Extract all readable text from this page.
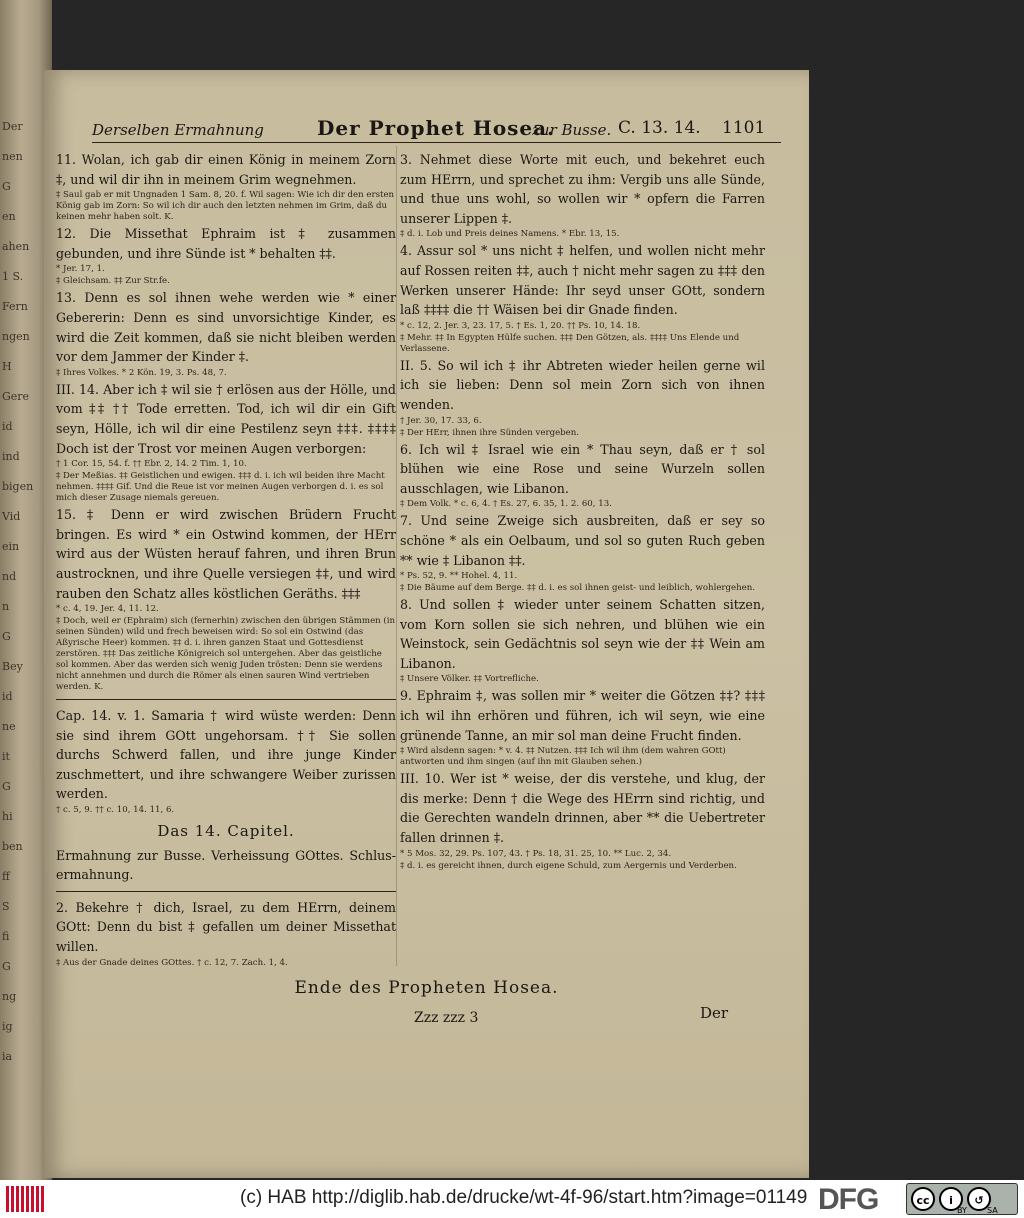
Der
nen
G
en
ahen
1 S.
Fern
ngen
H
Gere
id
ind
bigen
Vid
ein
nd
n
G
Bey
id
ne
it
G
hi
ben
ff
S
fi
G
ng
ig
ia
Derselben Ermahnung	Der Prophet Hosea.
zur Busse. C. 13. 14. 1101
11. Wolan, ich gab dir einen König in meinem Zorn ‡, und wil dir ihn in meinem Grim wegnehmen.
‡ Saul gab er mit Ungnaden 1 Sam. 8, 20. f. Wil sagen: Wie ich dir den ersten König gab im Zorn: So wil ich dir auch den letzten nehmen im Grim, daß du keinen mehr haben solt. K.
12. Die Missethat Ephraim ist ‡ zusammen gebunden, und ihre Sünde ist * behalten ‡‡.
* Jer. 17, 1.
‡ Gleichsam. ‡‡ Zur Str.fe.
13. Denn es sol ihnen wehe werden wie * einer Gebererin: Denn es sind unvorsichtige Kinder, es wird die Zeit kommen, daß sie nicht bleiben werden vor dem Jammer der Kinder ‡.
‡ Ihres Volkes. * 2 Kön. 19, 3. Ps. 48, 7.
III. 14. Aber ich ‡ wil sie † erlösen aus der Hölle, und vom ‡‡ †† Tode erretten. Tod, ich wil dir ein Gift seyn, Hölle, ich wil dir eine Pestilenz seyn ‡‡‡. ‡‡‡‡ Doch ist der Trost vor meinen Augen verborgen:
† 1 Cor. 15, 54. f. †† Ebr. 2, 14. 2 Tim. 1, 10.
‡ Der Meßias. ‡‡ Geistlichen und ewigen. ‡‡‡ d. i. ich wil beiden ihre Macht nehmen. ‡‡‡‡ Gif. Und die Reue ist vor meinen Augen verborgen d. i. es sol mich dieser Zusage niemals gereuen.
15. ‡ Denn er wird zwischen Brüdern Frucht bringen. Es wird * ein Ostwind kommen, der HErr wird aus der Wüsten herauf fahren, und ihren Brun austrocknen, und ihre Quelle versiegen ‡‡, und wird rauben den Schatz alles köstlichen Geräths. ‡‡‡
* c. 4, 19. Jer. 4, 11. 12.
‡ Doch, weil er (Ephraim) sich (fernerhin) zwischen den übrigen Stämmen (in seinen Sünden) wild und frech beweisen wird: So sol ein Ostwind (das Aßyrische Heer) kommen. ‡‡ d. i. ihren ganzen Staat und Gottesdienst zerstören. ‡‡‡ Das zeitliche Königreich sol untergehen. Aber das geistliche sol kommen. Aber das werden sich wenig Juden trösten: Denn sie werdens nicht annehmen und durch die Römer als einen sauren Wind vertrieben werden. K.
Cap. 14. v. 1. Samaria † wird wüste werden: Denn sie sind ihrem GOtt ungehorsam. †† Sie sollen durchs Schwerd fallen, und ihre junge Kinder zuschmettert, und ihre schwangere Weiber zurissen werden.
† c. 5, 9. †† c. 10, 14. 11, 6.
Das 14. Capitel.
Ermahnung zur Busse. Verheissung GOttes. Schlus-ermahnung.
2. Bekehre † dich, Israel, zu dem HErrn, deinem GOtt: Denn du bist ‡ gefallen um deiner Missethat willen.
‡ Aus der Gnade deines GOttes. † c. 12, 7. Zach. 1, 4.
3. Nehmet diese Worte mit euch, und bekehret euch zum HErrn, und sprechet zu ihm: Vergib uns alle Sünde, und thue uns wohl, so wollen wir * opfern die Farren unserer Lippen ‡.
‡ d. i. Lob und Preis deines Namens. * Ebr. 13, 15.
4. Assur sol * uns nicht ‡ helfen, und wollen nicht mehr auf Rossen reiten ‡‡, auch † nicht mehr sagen zu ‡‡‡ den Werken unserer Hände: Ihr seyd unser GOtt, sondern laß ‡‡‡‡ die †† Wäisen bei dir Gnade finden.
* c. 12, 2. Jer. 3, 23. 17, 5. † Es. 1, 20. †† Ps. 10, 14. 18.
‡ Mehr. ‡‡ In Egypten Hülfe suchen. ‡‡‡ Den Götzen, als. ‡‡‡‡ Uns Elende und Verlassene.
II. 5. So wil ich ‡ ihr Abtreten wieder heilen gerne wil ich sie lieben: Denn sol mein Zorn sich von ihnen wenden.
† Jer. 30, 17. 33, 6.
‡ Der HErr, ihnen ihre Sünden vergeben.
6. Ich wil ‡ Israel wie ein * Thau seyn, daß er † sol blühen wie eine Rose und seine Wurzeln sollen ausschlagen, wie Libanon.
‡ Dem Volk. * c. 6, 4. † Es. 27, 6. 35, 1. 2. 60, 13.
7. Und seine Zweige sich ausbreiten, daß er sey so schöne * als ein Oelbaum, und sol so guten Ruch geben ** wie ‡ Libanon ‡‡.
* Ps. 52, 9. ** Hohel. 4, 11.
‡ Die Bäume auf dem Berge. ‡‡ d. i. es sol ihnen geist- und leiblich, wohlergehen.
8. Und sollen ‡ wieder unter seinem Schatten sitzen, vom Korn sollen sie sich nehren, und blühen wie ein Weinstock, sein Gedächtnis sol seyn wie der ‡‡ Wein am Libanon.
‡ Unsere Völker. ‡‡ Vortrefliche.
9. Ephraim ‡, was sollen mir * weiter die Götzen ‡‡? ‡‡‡ ich wil ihn erhören und führen, ich wil seyn, wie eine grünende Tanne, an mir sol man deine Frucht finden.
‡ Wird alsdenn sagen: * v. 4. ‡‡ Nutzen. ‡‡‡ Ich wil ihm (dem wahren GOtt) antworten und ihm singen (auf ihn mit Glauben sehen.)
III. 10. Wer ist * weise, der dis verstehe, und klug, der dis merke: Denn † die Wege des HErrn sind richtig, und die Gerechten wandeln drinnen, aber ** die Uebertreter fallen drinnen ‡.
* 5 Mos. 32, 29. Ps. 107, 43. † Ps. 18, 31. 25, 10. ** Luc. 2, 34.
‡ d. i. es gereicht ihnen, durch eigene Schuld, zum Aergernis und Verderben.
Ende des Propheten Hosea.
Zzz zzz 3	Der
(c) HAB http://diglib.hab.de/drucke/wt-4f-96/start.htm?image=01149 DFG	cc	i	↺
BY	SA
